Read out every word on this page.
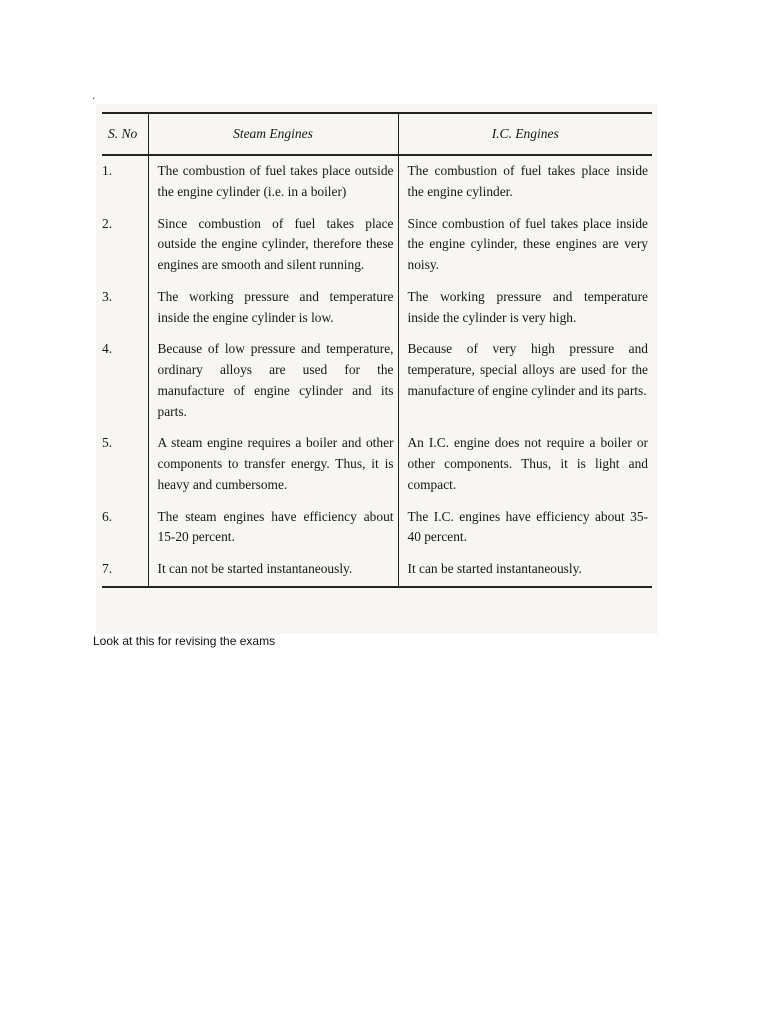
.
S. No	Steam Engines	I.C. Engines
1.	The combustion of fuel takes place outside the engine cylinder (i.e. in a boiler)	The combustion of fuel takes place inside the engine cylinder.
2.	Since combustion of fuel takes place outside the engine cylinder, therefore these engines are smooth and silent running.	Since combustion of fuel takes place inside the engine cylinder, these engines are very noisy.
3.	The working pressure and temperature inside the engine cylinder is low.	The working pressure and temperature inside the cylinder is very high.
4.	Because of low pressure and temperature, ordinary alloys are used for the manufacture of engine cylinder and its parts.	Because of very high pressure and temperature, special alloys are used for the manufacture of engine cylinder and its parts.
5.	A steam engine requires a boiler and other components to transfer energy. Thus, it is heavy and cumbersome.	An I.C. engine does not require a boiler or other components. Thus, it is light and compact.
6.	The steam engines have efficiency about 15-20 percent.	The I.C. engines have efficiency about 35-40 percent.
7.	It can not be started instantaneously.	It can be started instantaneously.
Look at this for revising the exams
